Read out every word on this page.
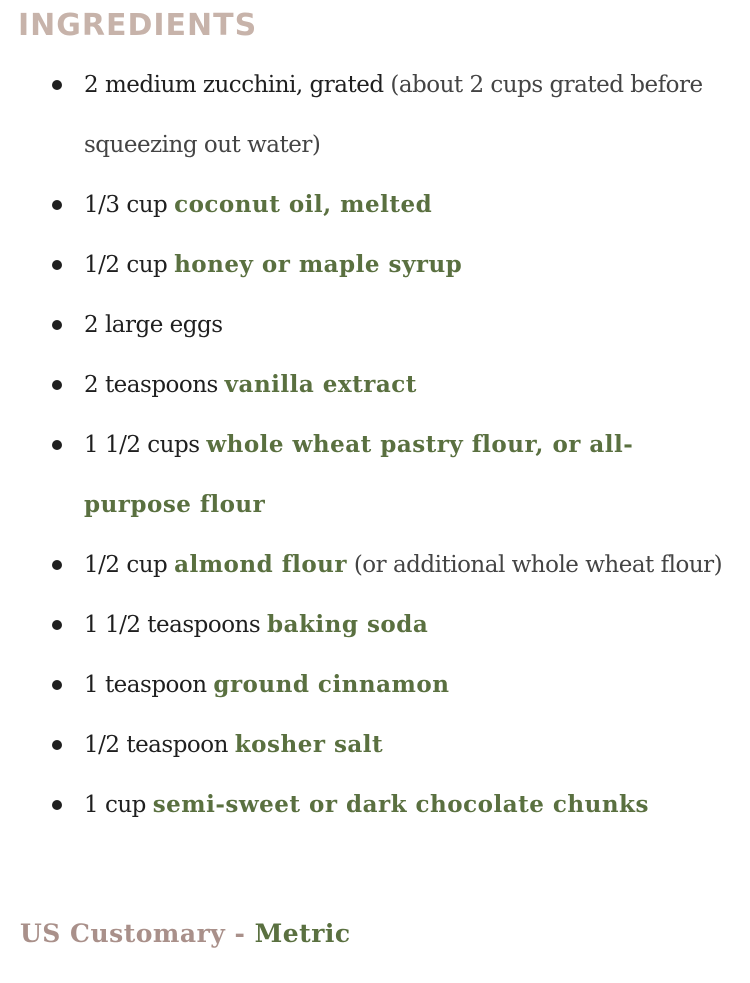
INGREDIENTS
2 medium zucchini, grated (about 2 cups grated before squeezing out water)
1/3 cup coconut oil, melted
1/2 cup honey or maple syrup
2 large eggs
2 teaspoons vanilla extract
1 1/2 cups whole wheat pastry flour, or all-purpose flour
1/2 cup almond flour (or additional whole wheat flour)
1 1/2 teaspoons baking soda
1 teaspoon ground cinnamon
1/2 teaspoon kosher salt
1 cup semi-sweet or dark chocolate chunks
US Customary - Metric
